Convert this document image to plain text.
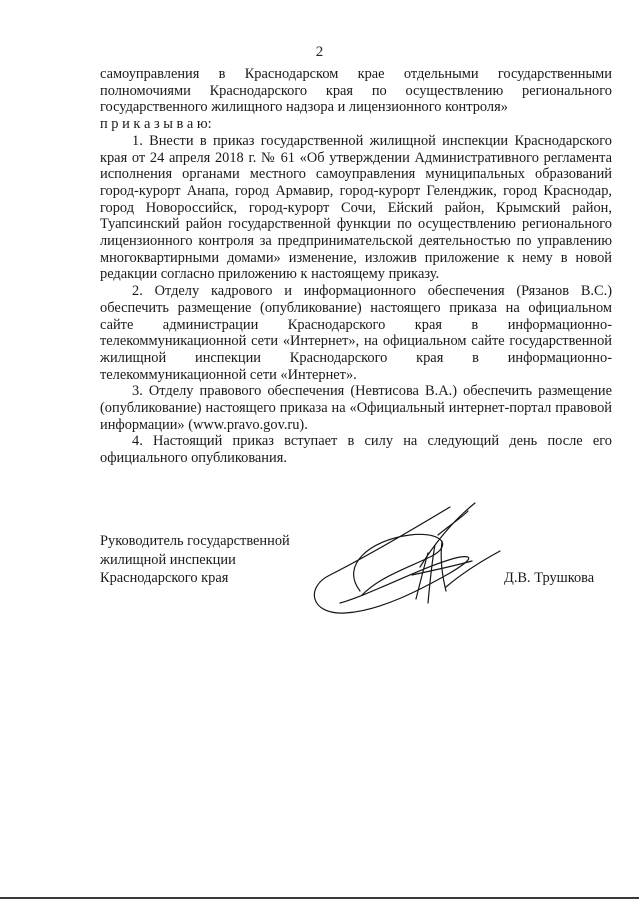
2

самоуправления в Краснодарском крае отдельными государственными полномочиями Краснодарского края по осуществлению регионального государственного жилищного надзора и лицензионного контроля»

п р и к а з ы в а ю:

1. Внести в приказ государственной жилищной инспекции Краснодарского края от 24 апреля 2018 г. № 61 «Об утверждении Административного регламента исполнения органами местного самоуправления муниципальных образований город-курорт Анапа, город Армавир, город-курорт Геленджик, город Краснодар, город Новороссийск, город-курорт Сочи, Ейский район, Крымский район, Туапсинский район государственной функции по осуществлению регионального лицензионного контроля за предпринимательской деятельностью по управлению многоквартирными домами» изменение, изложив приложение к нему в новой редакции согласно приложению к настоящему приказу.

2. Отделу кадрового и информационного обеспечения (Рязанов В.С.) обеспечить размещение (опубликование) настоящего приказа на официальном сайте администрации Краснодарского края в информационно-телекоммуникационной сети «Интернет», на официальном сайте государственной жилищной инспекции Краснодарского края в информационно-телекоммуникационной сети «Интернет».

3. Отделу правового обеспечения (Невтисова В.А.) обеспечить размещение (опубликование) настоящего приказа на «Официальный интернет-портал правовой информации» (www.pravo.gov.ru).

4. Настоящий приказ вступает в силу на следующий день после его официального опубликования.

Руководитель государственной
жилищной инспекции
Краснодарского края	Д.В. Трушкова
